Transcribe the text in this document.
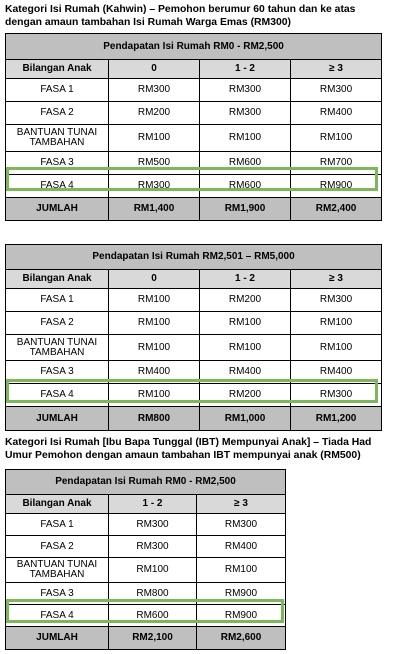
Kategori Isi Rumah (Kahwin) – Pemohon berumur 60 tahun dan ke atas

dengan amaun tambahan Isi Rumah Warga Emas (RM300)

Pendapatan Isi Rumah RM0 - RM2,500			
Bilangan Anak	0	1 - 2	≥ 3
FASA 1	RM300	RM300	RM300
FASA 2	RM200	RM300	RM400
BANTUAN TUNAI TAMBAHAN	RM100	RM100	RM100
FASA 3	RM500	RM600	RM700
FASA 4	RM300	RM600	RM900
JUMLAH	RM1,400	RM1,900	RM2,400
Pendapatan Isi Rumah RM2,501 – RM5,000			
Bilangan Anak	0	1 - 2	≥ 3
FASA 1	RM100	RM200	RM300
FASA 2	RM100	RM100	RM100
BANTUAN TUNAI TAMBAHAN	RM100	RM100	RM100
FASA 3	RM400	RM400	RM400
FASA 4	RM100	RM200	RM300
JUMLAH	RM800	RM1,000	RM1,200

Kategori Isi Rumah [Ibu Bapa Tunggal (IBT) Mempunyai Anak] – Tiada Had

Umur Pemohon dengan amaun tambahan IBT mempunyai anak (RM500)

Pendapatan Isi Rumah RM0 - RM2,500		
Bilangan Anak	1 - 2	≥ 3
FASA 1	RM300	RM300
FASA 2	RM300	RM400
BANTUAN TUNAI TAMBAHAN	RM100	RM100
FASA 3	RM800	RM900
FASA 4	RM600	RM900
JUMLAH	RM2,100	RM2,600
